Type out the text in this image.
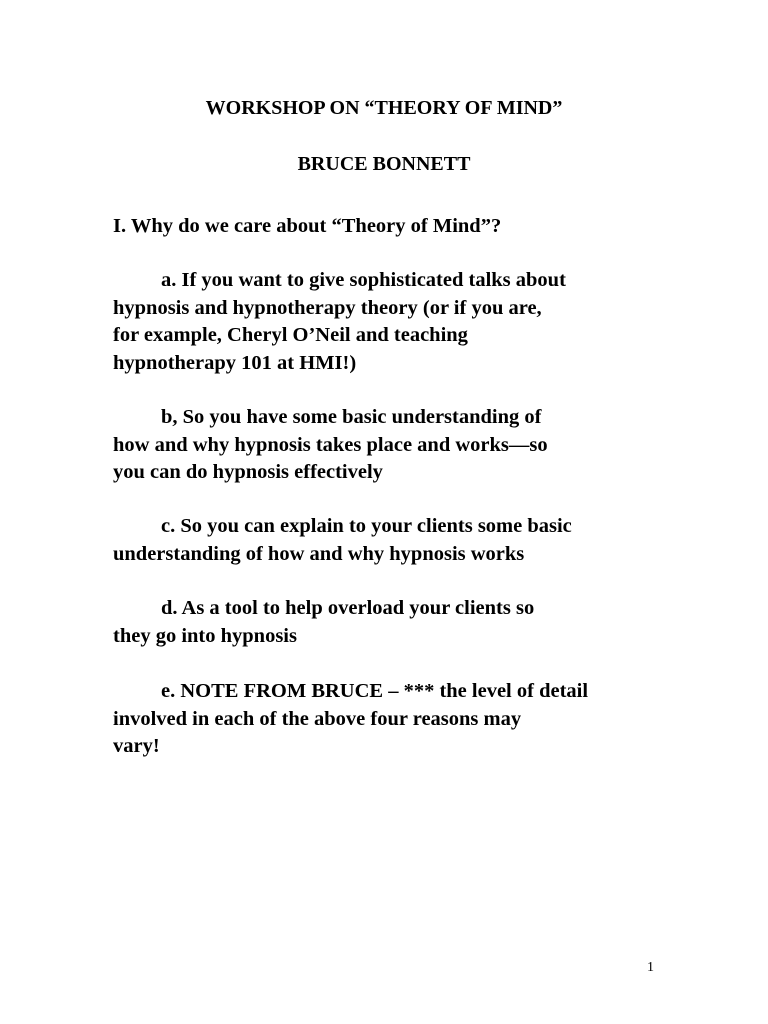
WORKSHOP ON “THEORY OF MIND”

BRUCE BONNETT

I. Why do we care about “Theory of Mind”?

a. If you want to give sophisticated talks about
hypnosis and hypnotherapy theory (or if you are,
for example, Cheryl O’Neil and teaching
hypnotherapy 101 at HMI!)

b, So you have some basic understanding of
how and why hypnosis takes place and works—so
you can do hypnosis effectively

c. So you can explain to your clients some basic
understanding of how and why hypnosis works

d. As a tool to help overload your clients so
they go into hypnosis

e. NOTE FROM BRUCE – *** the level of detail
involved in each of the above four reasons may
vary!

1
